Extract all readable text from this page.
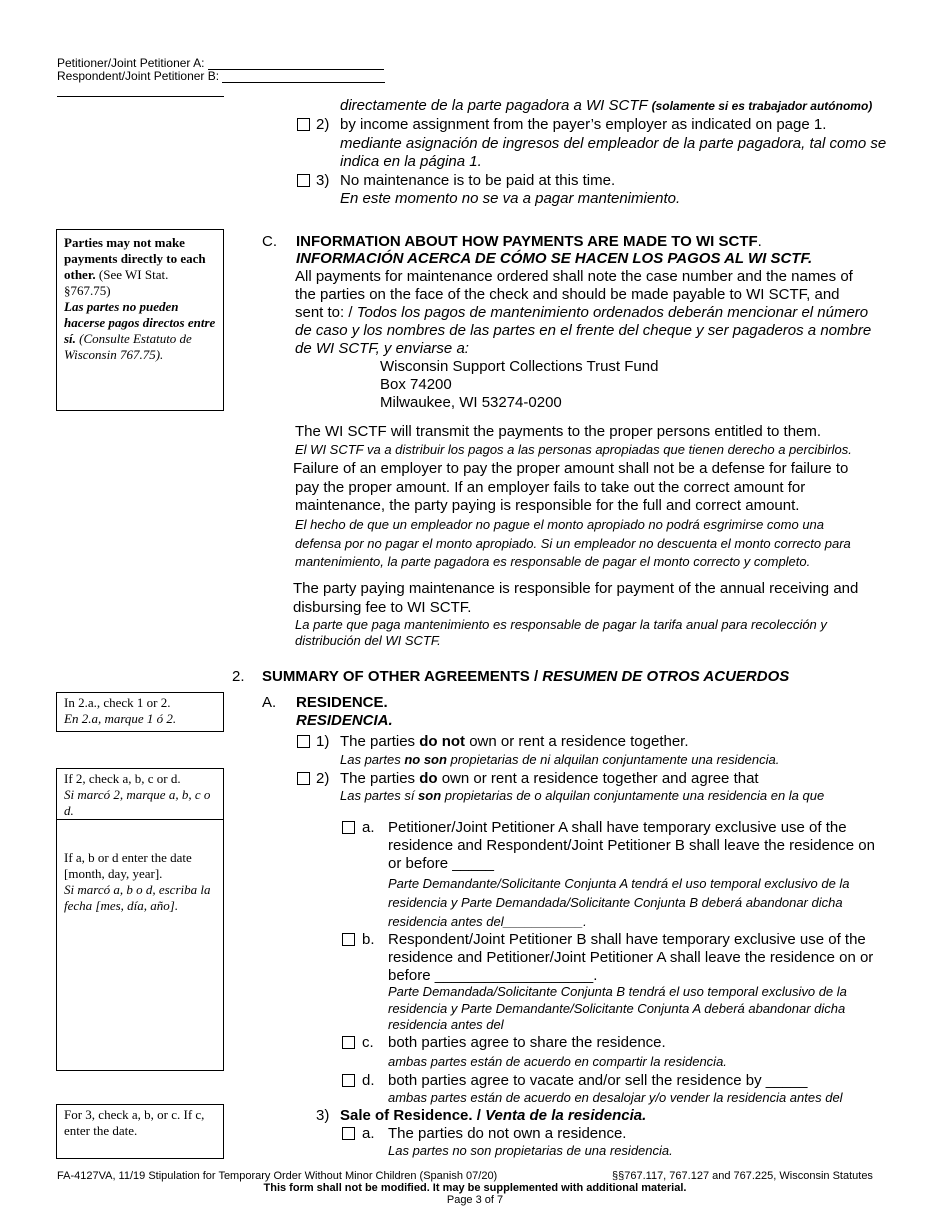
Petitioner/Joint Petitioner A:
Respondent/Joint Petitioner B:
directamente de la parte pagadora a WI SCTF (solamente si es trabajador autónomo)
2) by income assignment from the payer’s employer as indicated on page 1.
mediante asignación de ingresos del empleador de la parte pagadora, tal como se
indica en la página 1.
3) No maintenance is to be paid at this time.
En este momento no se va a pagar mantenimiento.
Parties may not make payments directly to each other. (See WI Stat. §767.75)
Las partes no pueden hacerse pagos directos entre sí. (Consulte Estatuto de Wisconsin 767.75).
In 2.a., check 1 or 2.
En 2.a, marque 1 ó 2.
If 2, check a, b, c or d.
Si marcó 2, marque a, b, c o d.
If a, b or d enter the date [month, day, year].
Si marcó a, b o d, escriba la fecha [mes, día, año].
For 3, check a, b, or c. If c, enter the date.
C. INFORMATION ABOUT HOW PAYMENTS ARE MADE TO WI SCTF.
INFORMACIÓN ACERCA DE CÓMO SE HACEN LOS PAGOS AL WI SCTF.
All payments for maintenance ordered shall note the case number and the names of
the parties on the face of the check and should be made payable to WI SCTF, and
sent to: / Todos los pagos de mantenimiento ordenados deberán mencionar el número
de caso y los nombres de las partes en el frente del cheque y ser pagaderos a nombre
de WI SCTF, y enviarse a:
Wisconsin Support Collections Trust Fund
Box 74200
Milwaukee, WI 53274-0200
The WI SCTF will transmit the payments to the proper persons entitled to them.
El WI SCTF va a distribuir los pagos a las personas apropiadas que tienen derecho a percibirlos.
Failure of an employer to pay the proper amount shall not be a defense for failure to
pay the proper amount. If an employer fails to take out the correct amount for
maintenance, the party paying is responsible for the full and correct amount.
El hecho de que un empleador no pague el monto apropiado no podrá esgrimirse como una
defensa por no pagar el monto apropiado. Si un empleador no descuenta el monto correcto para
mantenimiento, la parte pagadora es responsable de pagar el monto correcto y completo.
The party paying maintenance is responsible for payment of the annual receiving and
disbursing fee to WI SCTF.
La parte que paga mantenimiento es responsable de pagar la tarifa anual para recolección y
distribución del WI SCTF.
2. SUMMARY OF OTHER AGREEMENTS / RESUMEN DE OTROS ACUERDOS
A. RESIDENCE.
RESIDENCIA.
1) The parties do not own or rent a residence together.
Las partes no son propietarias de ni alquilan conjuntamente una residencia.
2) The parties do own or rent a residence together and agree that
Las partes sí son propietarias de o alquilan conjuntamente una residencia en la que
a. Petitioner/Joint Petitioner A shall have temporary exclusive use of the
residence and Respondent/Joint Petitioner B shall leave the residence on
or before _____
Parte Demandante/Solicitante Conjunta A tendrá el uso temporal exclusivo de la
residencia y Parte Demandada/Solicitante Conjunta B deberá abandonar dicha
residencia antes del___________.
b. Respondent/Joint Petitioner B shall have temporary exclusive use of the
residence and Petitioner/Joint Petitioner A shall leave the residence on or
before ___________________.
Parte Demandada/Solicitante Conjunta B tendrá el uso temporal exclusivo de la
residencia y Parte Demandante/Solicitante Conjunta A deberá abandonar dicha
residencia antes del
c. both parties agree to share the residence.
ambas partes están de acuerdo en compartir la residencia.
d. both parties agree to vacate and/or sell the residence by _____
ambas partes están de acuerdo en desalojar y/o vender la residencia antes del
3) Sale of Residence. / Venta de la residencia.
a. The parties do not own a residence.
Las partes no son propietarias de una residencia.
FA-4127VA, 11/19 Stipulation for Temporary Order Without Minor Children (Spanish 07/20)	§§767.117, 767.127 and 767.225, Wisconsin Statutes
This form shall not be modified. It may be supplemented with additional material.
Page 3 of 7
